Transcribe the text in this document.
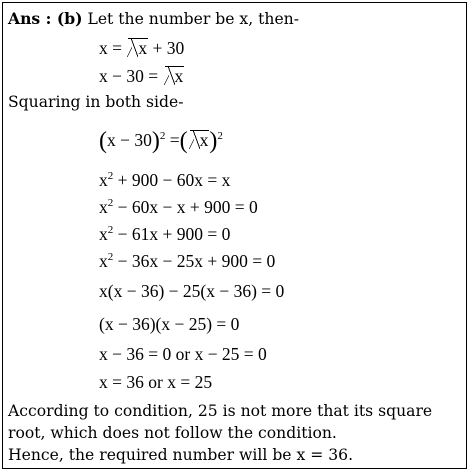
Ans : (b) Let the number be x, then-
x = x + 30
x − 30 = x
Squaring in both side-
$(x - 30)^2$ =( x)$^2$
$x^2 + 900 - 60x = x$
$x^2 - 60x - x + 900 = 0$
$x^2 - 61x + 900 = 0$
$x^2 - 36x - 25x + 900 = 0$
x(x − 36) − 25(x − 36) = 0
(x − 36)(x − 25) = 0
x − 36 = 0 or x − 25 = 0
x = 36 or x = 25
According to condition, 25 is not more that its square
root, which does not follow the condition.
Hence, the required number will be x = 36.
